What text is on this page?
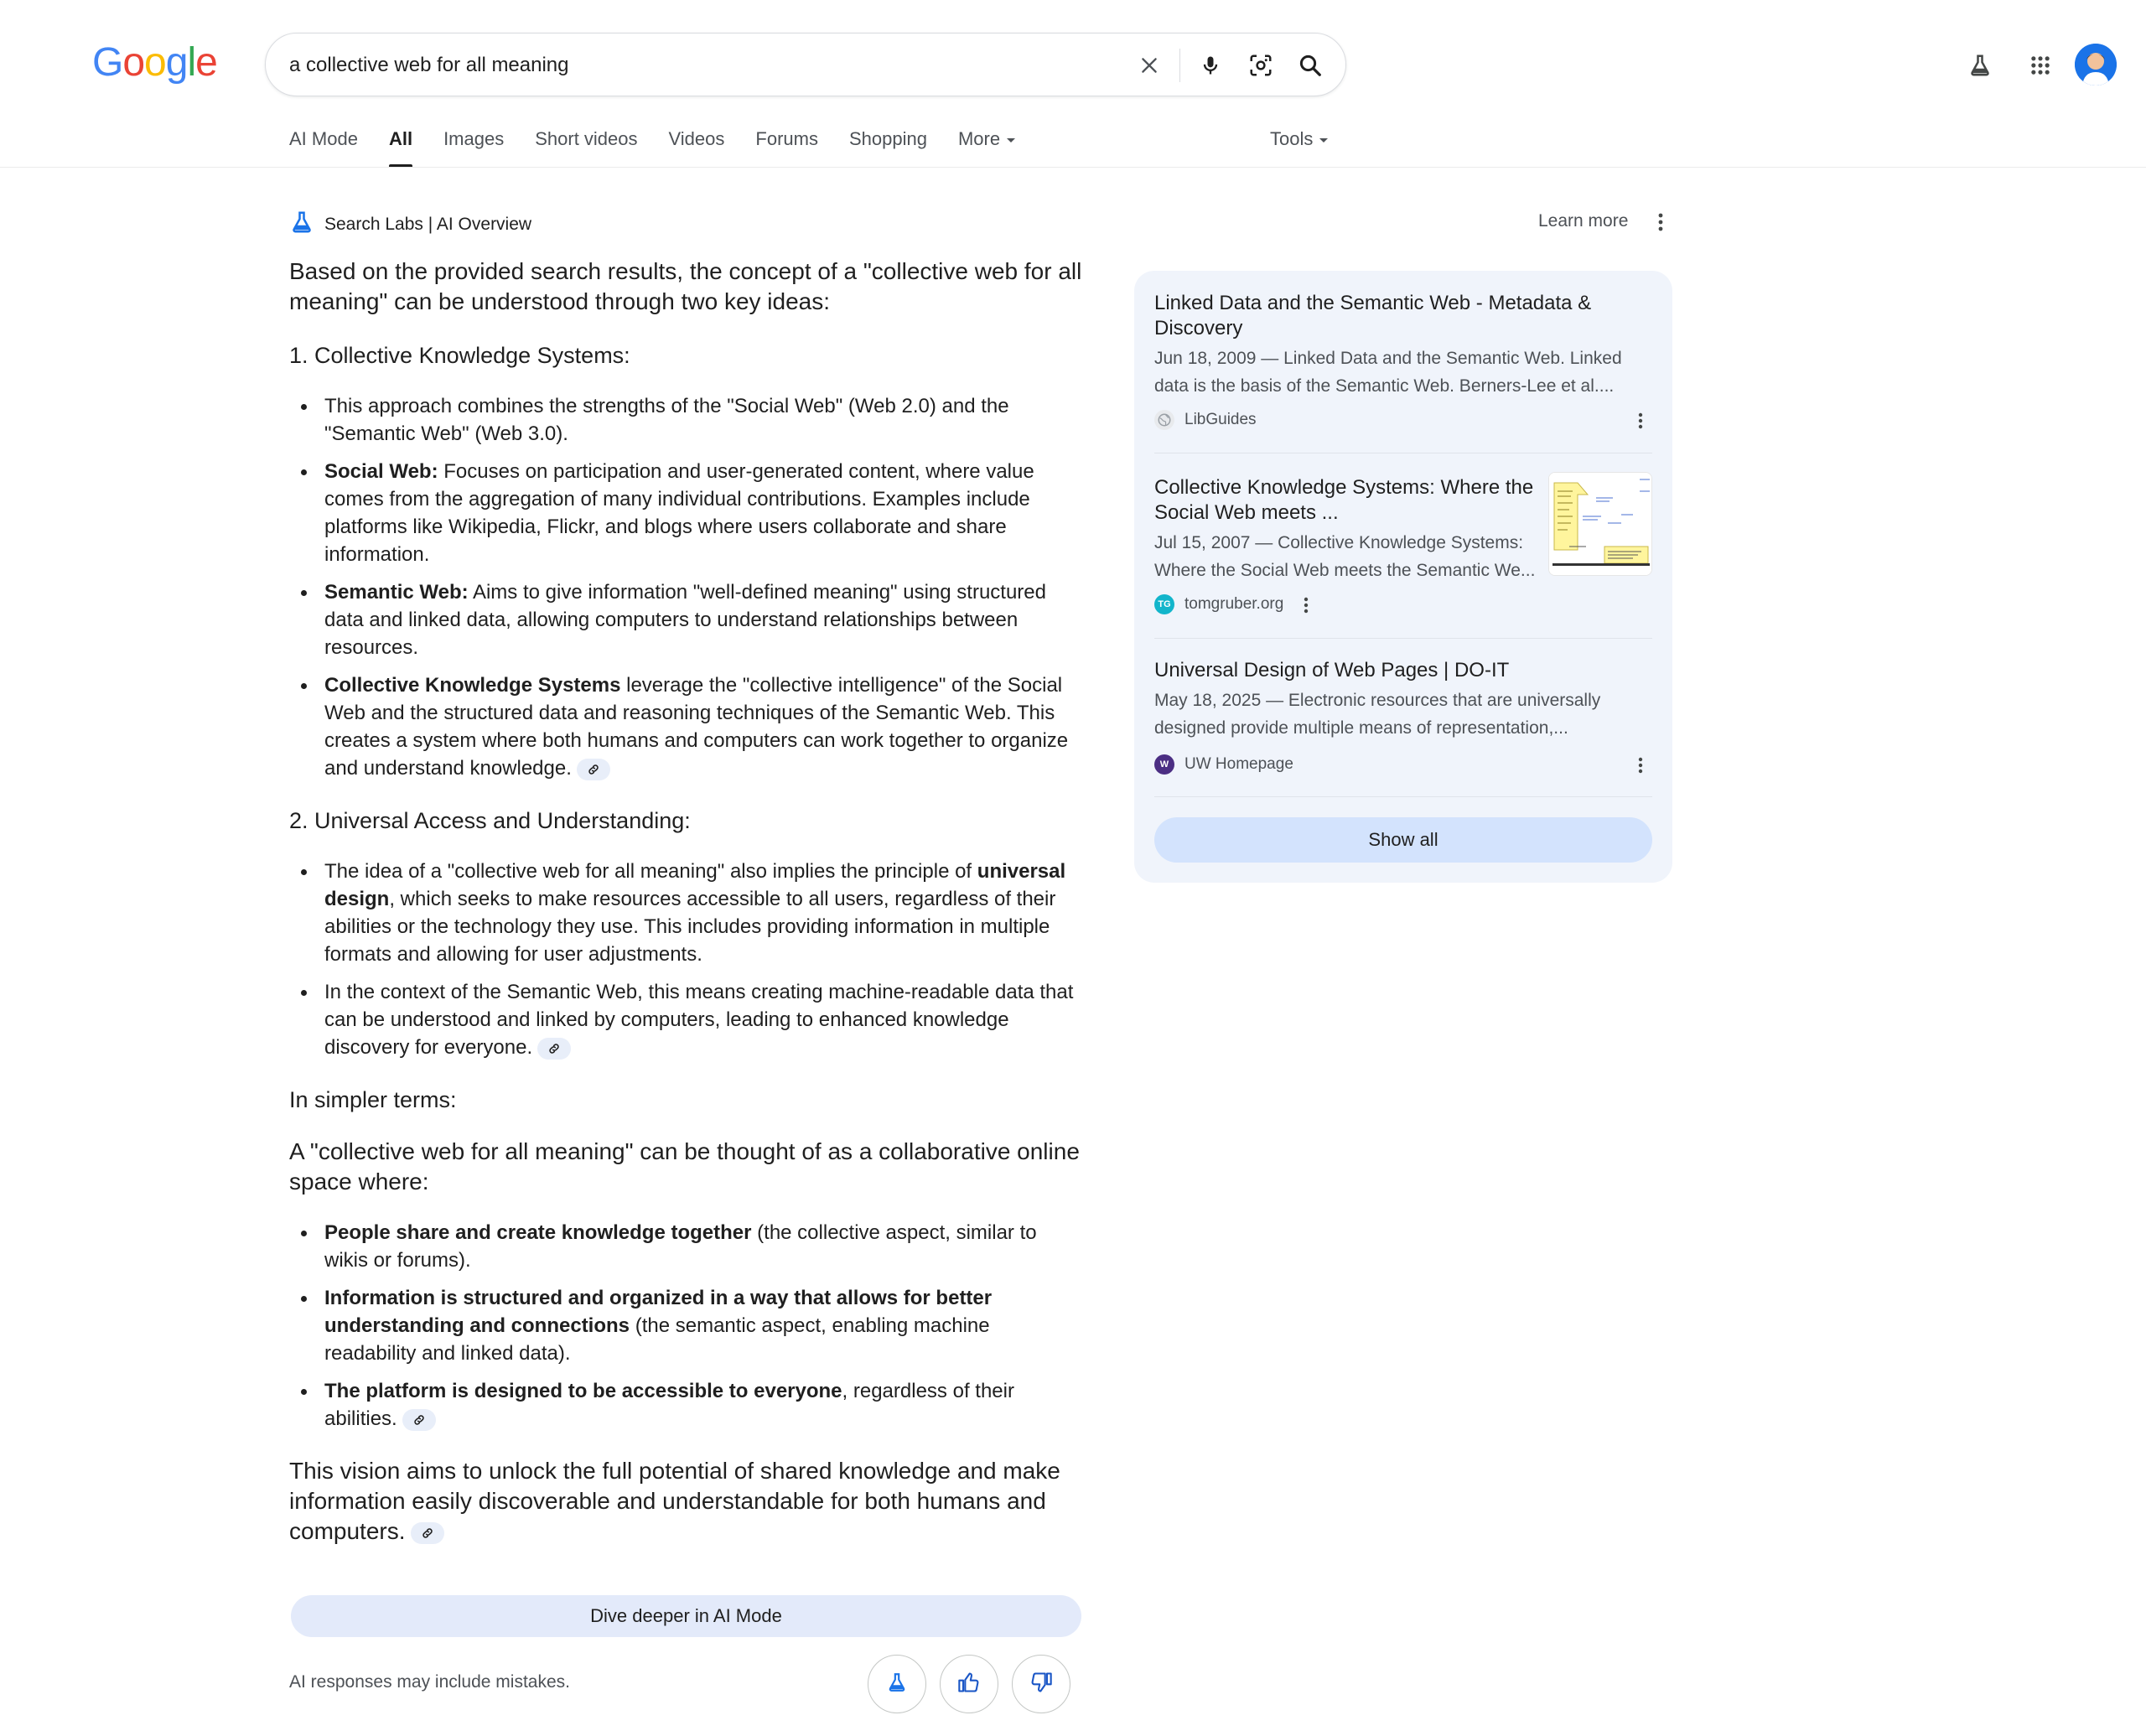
Google	a collective web for all meaning
AI Mode All Images Short videos Videos Forums Shopping More	Tools
Search Labs | AI Overview	Learn more

Based on the provided search results, the concept of a "collective web for all meaning" can be understood through two key ideas:

1. Collective Knowledge Systems:
This approach combines the strengths of the "Social Web" (Web 2.0) and the "Semantic Web" (Web 3.0).
Social Web: Focuses on participation and user-generated content, where value comes from the aggregation of many individual contributions. Examples include platforms like Wikipedia, Flickr, and blogs where users collaborate and share information.
Semantic Web: Aims to give information "well-defined meaning" using structured data and linked data, allowing computers to understand relationships between resources.
Collective Knowledge Systems leverage the "collective intelligence" of the Social Web and the structured data and reasoning techniques of the Semantic Web. This creates a system where both humans and computers can work together to organize and understand knowledge.
2. Universal Access and Understanding:
The idea of a "collective web for all meaning" also implies the principle of universal design, which seeks to make resources accessible to all users, regardless of their abilities or the technology they use. This includes providing information in multiple formats and allowing for user adjustments.
In the context of the Semantic Web, this means creating machine-readable data that can be understood and linked by computers, leading to enhanced knowledge discovery for everyone.
In simpler terms:

A "collective web for all meaning" can be thought of as a collaborative online space where:

People share and create knowledge together (the collective aspect, similar to wikis or forums).
Information is structured and organized in a way that allows for better understanding and connections (the semantic aspect, enabling machine readability and linked data).
The platform is designed to be accessible to everyone, regardless of their abilities.

This vision aims to unlock the full potential of shared knowledge and make information easily discoverable and understandable for both humans and computers.

Dive deeper in AI Mode
AI responses may include mistakes.
Linked Data and the Semantic Web - Metadata & Discovery
Jun 18, 2009 — Linked Data and the Semantic Web. Linked data is the basis of the Semantic Web. Berners-Lee et al....
LibGuides
Collective Knowledge Systems: Where the Social Web meets ...
Jul 15, 2007 — Collective Knowledge Systems: Where the Social Web meets the Semantic We...
TG tomgruber.org
Universal Design of Web Pages | DO-IT
May 18, 2025 — Electronic resources that are universally designed provide multiple means of representation,...
W UW Homepage
Show all
